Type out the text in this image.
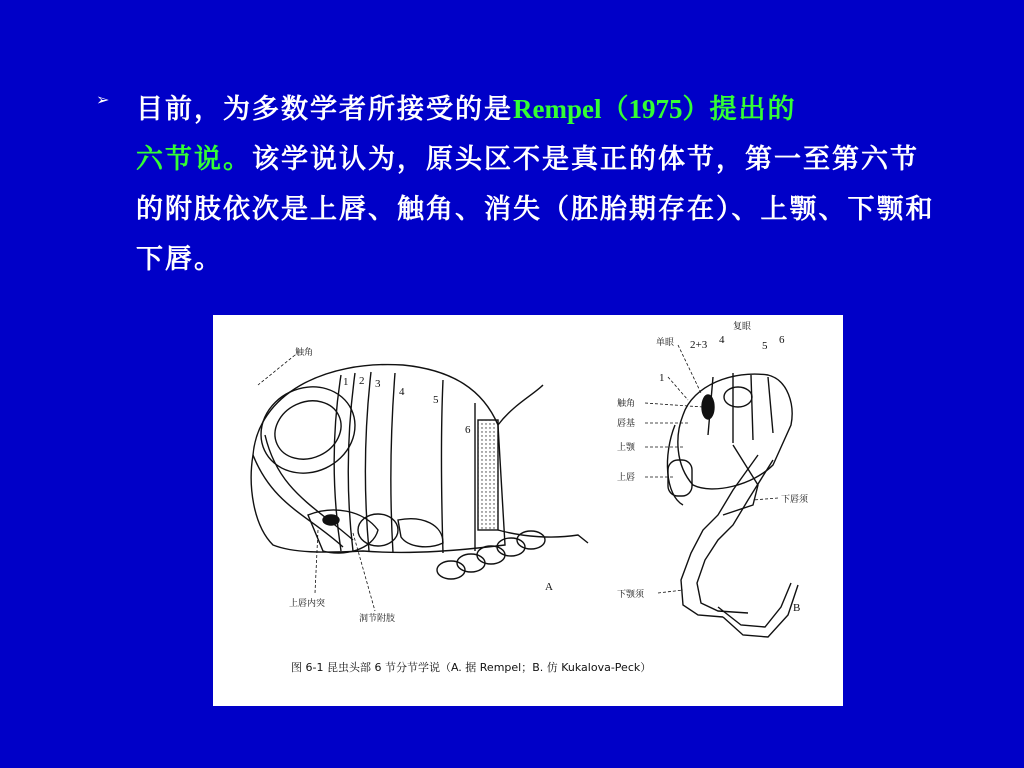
➢ 目前，为多数学者所接受的是Rempel（1975）提出的
六节说。该学说认为，原头区不是真正的体节，第一至第六节的附肢依次是上唇、触角、消失（胚胎期存在）、上颚、下颚和下唇。
触角
1 2 3
4
5
6
上唇内突
洞节附肢
A
单眼 2+3 4
复眼
5 6
1
触角
唇基
上颚
上唇
下唇须
下颚须
B
图 6-1 昆虫头部 6 节分节学说（A. 据 Rempel；B. 仿 Kukalova-Peck）
